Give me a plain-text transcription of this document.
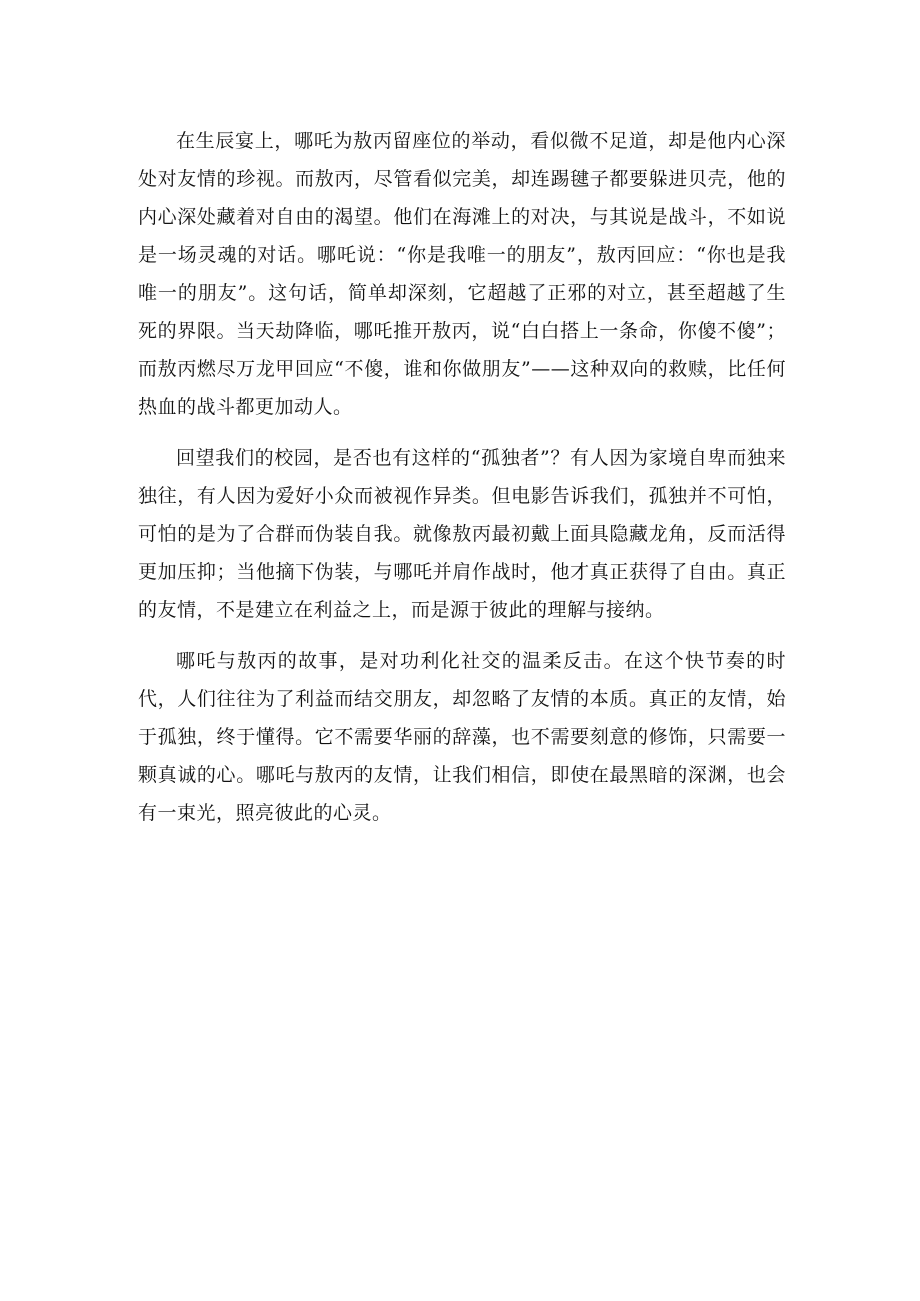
在生辰宴上，哪吒为敖丙留座位的举动，看似微不足道，却是他内心深处对友情的珍视。而敖丙，尽管看似完美，却连踢毽子都要躲进贝壳，他的内心深处藏着对自由的渴望。他们在海滩上的对决，与其说是战斗，不如说是一场灵魂的对话。哪吒说：“你是我唯一的朋友”，敖丙回应：“你也是我唯一的朋友”。这句话，简单却深刻，它超越了正邪的对立，甚至超越了生死的界限。当天劫降临，哪吒推开敖丙，说“白白搭上一条命，你傻不傻”；而敖丙燃尽万龙甲回应“不傻，谁和你做朋友”——这种双向的救赎，比任何热血的战斗都更加动人。

回望我们的校园，是否也有这样的“孤独者”？有人因为家境自卑而独来独往，有人因为爱好小众而被视作异类。但电影告诉我们，孤独并不可怕，可怕的是为了合群而伪装自我。就像敖丙最初戴上面具隐藏龙角，反而活得更加压抑；当他摘下伪装，与哪吒并肩作战时，他才真正获得了自由。真正的友情，不是建立在利益之上，而是源于彼此的理解与接纳。

哪吒与敖丙的故事，是对功利化社交的温柔反击。在这个快节奏的时代，人们往往为了利益而结交朋友，却忽略了友情的本质。真正的友情，始于孤独，终于懂得。它不需要华丽的辞藻，也不需要刻意的修饰，只需要一颗真诚的心。哪吒与敖丙的友情，让我们相信，即使在最黑暗的深渊，也会有一束光，照亮彼此的心灵。
